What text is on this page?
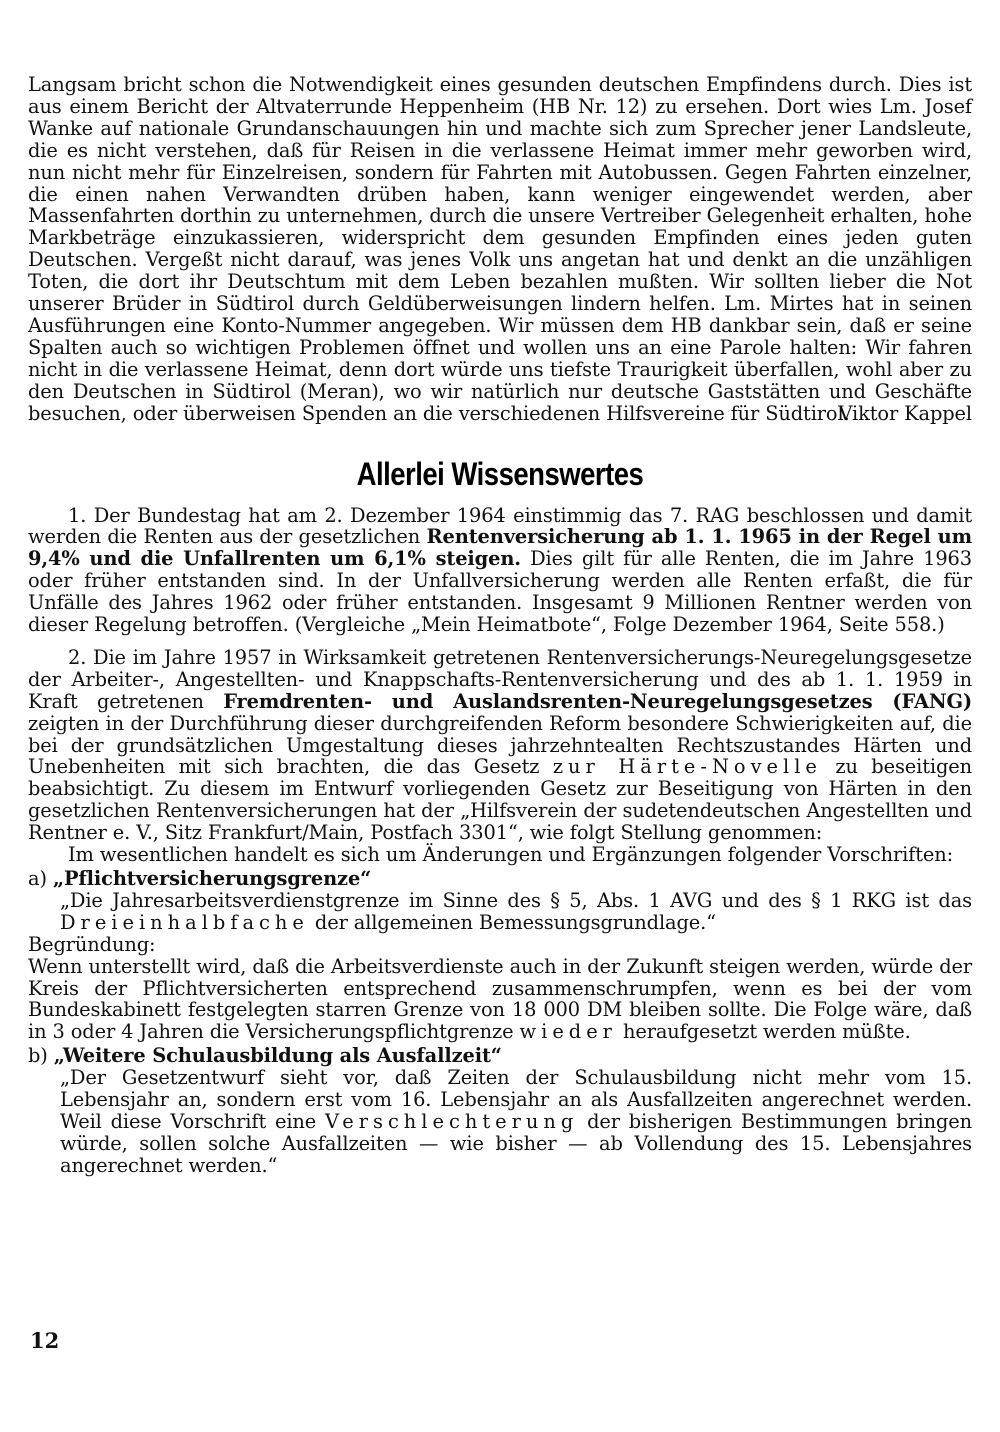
Langsam bricht schon die Notwendigkeit eines gesunden deutschen Empfindens durch. Dies ist aus einem Bericht der Altvaterrunde Heppenheim (HB Nr. 12) zu ersehen. Dort wies Lm. Josef Wanke auf nationale Grundanschauungen hin und machte sich zum Sprecher jener Landsleute, die es nicht verstehen, daß für Reisen in die verlassene Heimat immer mehr geworben wird, nun nicht mehr für Einzelreisen, sondern für Fahrten mit Autobussen. Gegen Fahrten einzelner, die einen nahen Verwandten drüben haben, kann weniger eingewendet werden, aber Massenfahrten dorthin zu unternehmen, durch die unsere Vertreiber Gelegenheit erhalten, hohe Markbeträge einzukassieren, widerspricht dem gesunden Empfinden eines jeden guten Deutschen. Vergeßt nicht darauf, was jenes Volk uns angetan hat und denkt an die unzähligen Toten, die dort ihr Deutschtum mit dem Leben bezahlen mußten. Wir sollten lieber die Not unserer Brüder in Südtirol durch Geldüberweisungen lindern helfen. Lm. Mirtes hat in seinen Ausführungen eine Konto-Nummer angegeben. Wir müssen dem HB dankbar sein, daß er seine Spalten auch so wichtigen Problemen öffnet und wollen uns an eine Parole halten: Wir fahren nicht in die verlassene Heimat, denn dort würde uns tiefste Traurigkeit überfallen, wohl aber zu den Deutschen in Südtirol (Meran), wo wir natürlich nur deutsche Gaststätten und Geschäfte besuchen, oder überweisen Spenden an die verschiedenen Hilfsvereine für Südtirol.

Viktor Kappel

Allerlei Wissenswertes

1. Der Bundestag hat am 2. Dezember 1964 einstimmig das 7. RAG beschlossen und damit werden die Renten aus der gesetzlichen Rentenversicherung ab 1. 1. 1965 in der Regel um 9,4% und die Unfallrenten um 6,1% steigen. Dies gilt für alle Renten, die im Jahre 1963 oder früher entstanden sind. In der Unfallversicherung werden alle Renten erfaßt, die für Unfälle des Jahres 1962 oder früher entstanden. Insgesamt 9 Millionen Rentner werden von dieser Regelung betroffen. (Vergleiche „Mein Heimatbote“, Folge Dezember 1964, Seite 558.)

2. Die im Jahre 1957 in Wirksamkeit getretenen Rentenversicherungs-Neuregelungsgesetze der Arbeiter-, Angestellten- und Knappschafts-Rentenversicherung und des ab 1. 1. 1959 in Kraft getretenen Fremdrenten- und Auslandsrenten-Neuregelungsgesetzes (FANG) zeigten in der Durchführung dieser durchgreifenden Reform besondere Schwierigkeiten auf, die bei der grundsätzlichen Umgestaltung dieses jahrzehntealten Rechtszustandes Härten und Unebenheiten mit sich brachten, die das Gesetz zur Härte-Novelle zu beseitigen beabsichtigt. Zu diesem im Entwurf vorliegenden Gesetz zur Beseitigung von Härten in den gesetzlichen Rentenversicherungen hat der „Hilfsverein der sudetendeutschen Angestellten und Rentner e. V., Sitz Frankfurt/Main, Postfach 3301“, wie folgt Stellung genommen:

Im wesentlichen handelt es sich um Änderungen und Ergänzungen folgender Vorschriften:

a) „Pflichtversicherungsgrenze“

„Die Jahresarbeitsverdienstgrenze im Sinne des § 5, Abs. 1 AVG und des § 1 RKG ist das Dreieinhalbfache der allgemeinen Bemessungsgrundlage.“

Begründung:

Wenn unterstellt wird, daß die Arbeitsverdienste auch in der Zukunft steigen werden, würde der Kreis der Pflichtversicherten entsprechend zusammenschrumpfen, wenn es bei der vom Bundeskabinett festgelegten starren Grenze von 18 000 DM bleiben sollte. Die Folge wäre, daß in 3 oder 4 Jahren die Versicherungspflichtgrenze wieder heraufgesetzt werden müßte.

b) „Weitere Schulausbildung als Ausfallzeit“

„Der Gesetzentwurf sieht vor, daß Zeiten der Schulausbildung nicht mehr vom 15. Lebensjahr an, sondern erst vom 16. Lebensjahr an als Ausfallzeiten angerechnet werden. Weil diese Vorschrift eine Verschlechterung der bisherigen Bestimmungen bringen würde, sollen solche Ausfallzeiten — wie bisher — ab Vollendung des 15. Lebensjahres angerechnet werden.“

12
